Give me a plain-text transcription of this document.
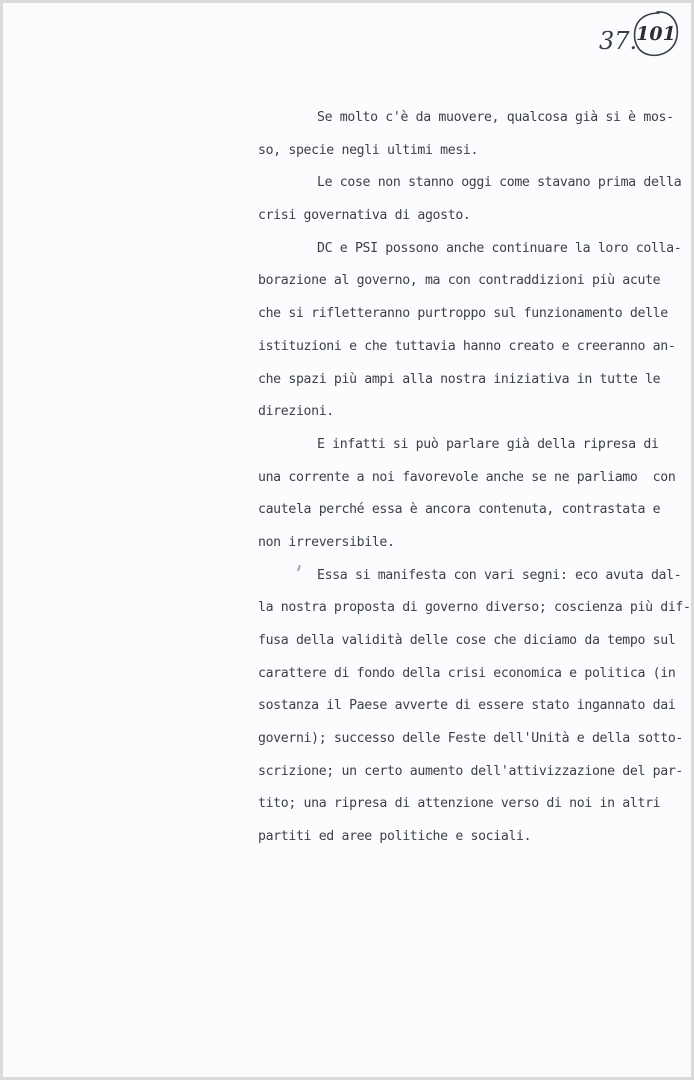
37.
101
Se molto c'è da muovere, qualcosa già si è mos-
so, specie negli ultimi mesi.
Le cose non stanno oggi come stavano prima della
crisi governativa di agosto.
DC e PSI possono anche continuare la loro colla-
borazione al governo, ma con contraddizioni più acute
che si rifletteranno purtroppo sul funzionamento delle
istituzioni e che tuttavia hanno creato e creeranno an-
che spazi più ampi alla nostra iniziativa in tutte le
direzioni.
E infatti si può parlare già della ripresa di
una corrente a noi favorevole anche se ne parliamo  con
cautela perché essa è ancora contenuta, contrastata e
non irreversibile.
Essa si manifesta con vari segni: eco avuta dal-
la nostra proposta di governo diverso; coscienza più dif-
fusa della validità delle cose che diciamo da tempo sul
carattere di fondo della crisi economica e politica (in
sostanza il Paese avverte di essere stato ingannato dai
governi); successo delle Feste dell'Unità e della sotto-
scrizione; un certo aumento dell'attivizzazione del par-
tito; una ripresa di attenzione verso di noi in altri
partiti ed aree politiche e sociali.
